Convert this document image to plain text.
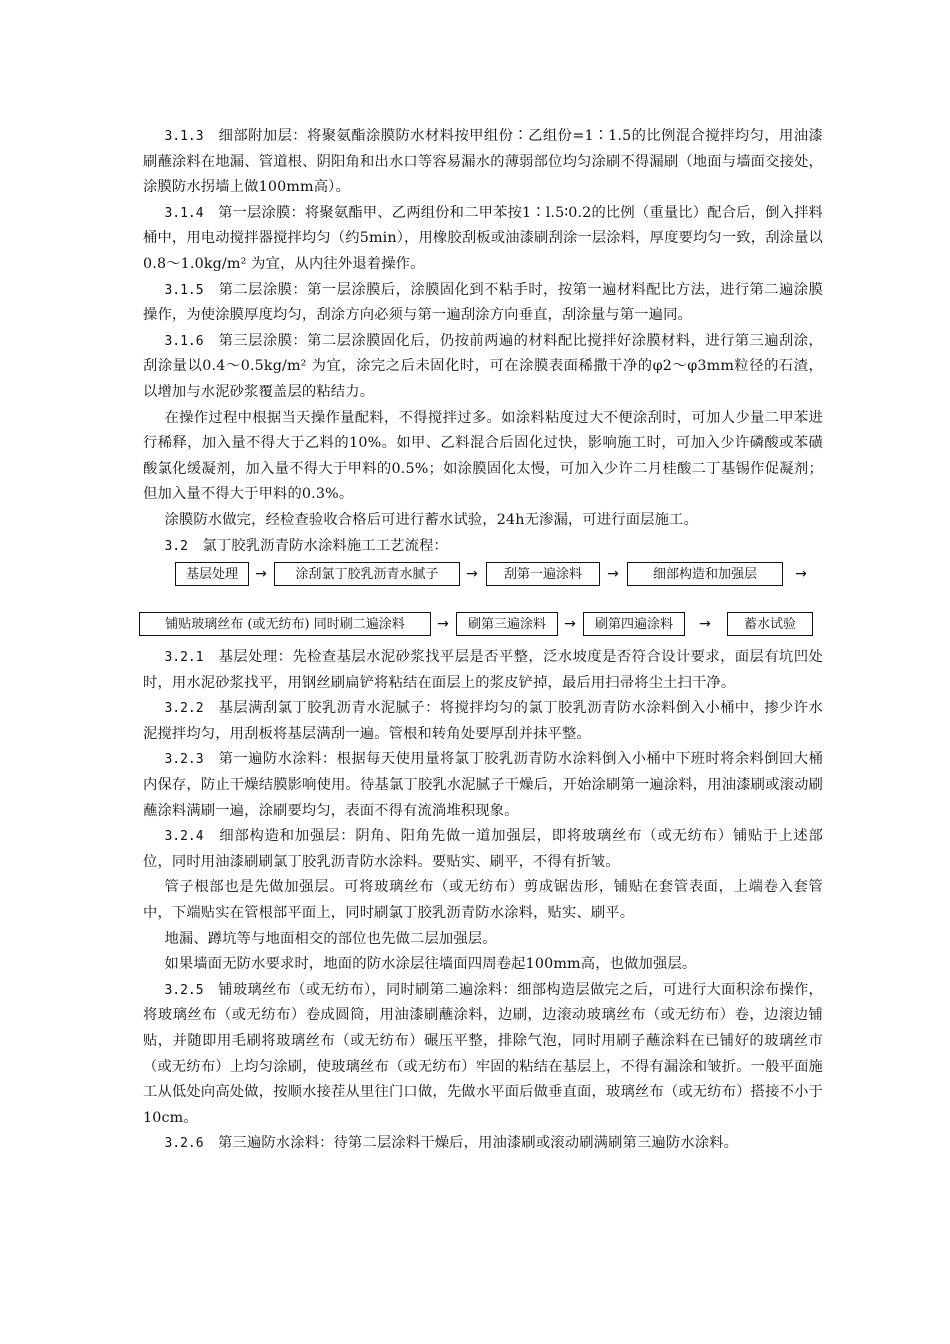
3.1.3　细部附加层：将聚氨酯涂膜防水材料按甲组份∶乙组份=1∶1.5的比例混合搅拌均匀，用油漆刷蘸涂料在地漏、管道根、阴阳角和出水口等容易漏水的薄弱部位均匀涂刷不得漏刷（地面与墙面交接处，涂膜防水拐墙上做100mm高）。

3.1.4　第一层涂膜：将聚氨酯甲、乙两组份和二甲苯按1∶l.5∶0.2的比例（重量比）配合后，倒入拌料桶中，用电动搅拌器搅拌均匀（约5min），用橡胶刮板或油漆刷刮涂一层涂料，厚度要均匀一致，刮涂量以0.8～1.0kg/m² 为宜，从内往外退着操作。

3.1.5　第二层涂膜：第一层涂膜后，涂膜固化到不粘手时，按第一遍材料配比方法，进行第二遍涂膜操作，为使涂膜厚度均匀，刮涂方向必须与第一遍刮涂方向垂直，刮涂量与第一遍同。

3.1.6　第三层涂膜：第二层涂膜固化后，仍按前两遍的材料配比搅拌好涂膜材料，进行第三遍刮涂，刮涂量以0.4～0.5kg/m² 为宜，涂完之后未固化时，可在涂膜表面稀撒干净的φ2～φ3mm粒径的石渣，以增加与水泥砂浆覆盖层的粘结力。

在操作过程中根据当天操作量配料，不得搅拌过多。如涂料粘度过大不便涂刮时，可加人少量二甲苯进行稀释，加入量不得大于乙料的10%。如甲、乙料混合后固化过快，影响施工时，可加入少许磷酸或苯磺酸氯化缓凝剂，加入量不得大于甲料的0.5%；如涂膜固化太慢，可加入少许二月桂酸二丁基锡作促凝剂；但加入量不得大于甲料的0.3%。

涂膜防水做完，经检查验收合格后可进行蓄水试验，24h无渗漏，可进行面层施工。

3.2　氯丁胶乳沥青防水涂料施工工艺流程：

基层处理	→	涂刮氯丁胶乳沥青水腻子	→	刮第一遍涂料	→	细部构造和加强层	→
铺贴玻璃丝布 (或无纺布) 同时刷二遍涂料	→	刷第三遍涂料	→	刷第四遍涂料	→	蓄水试验

3.2.1　基层处理：先检查基层水泥砂浆找平层是否平整，泛水坡度是否符合设计要求，面层有坑凹处时，用水泥砂浆找平，用钢丝刷扁铲将粘结在面层上的浆皮铲掉，最后用扫帚将尘土扫干净。

3.2.2　基层满刮氯丁胶乳沥青水泥腻子：将搅拌均匀的氯丁胶乳沥青防水涂料倒入小桶中，掺少许水泥搅拌均匀，用刮板将基层满刮一遍。管根和转角处要厚刮并抹平整。

3.2.3　第一遍防水涂料：根据每天使用量将氯丁胶乳沥青防水涂料倒入小桶中下班时将余料倒回大桶内保存，防止干燥结膜影响使用。待基氯丁胶乳水泥腻子干燥后，开始涂刷第一遍涂料，用油漆刷或滚动刷蘸涂料满刷一遍，涂刷要均匀，表面不得有流淌堆积现象。

3.2.4　细部构造和加强层：阴角、阳角先做一道加强层，即将玻璃丝布（或无纺布）铺贴于上述部位，同时用油漆刷刷氯丁胶乳沥青防水涂料。要贴实、刷平，不得有折皱。

管子根部也是先做加强层。可将玻璃丝布（或无纺布）剪成锯齿形，铺贴在套管表面，上端卷入套管中，下端贴实在管根部平面上，同时刷氯丁胶乳沥青防水涂料，贴实、刷平。

地漏、蹲坑等与地面相交的部位也先做二层加强层。

如果墙面无防水要求时，地面的防水涂层往墙面四周卷起100mm高，也做加强层。

3.2.5　铺玻璃丝布（或无纺布），同时刷第二遍涂料：细部构造层做完之后，可进行大面积涂布操作，将玻璃丝布（或无纺布）卷成圆筒，用油漆刷蘸涂料，边刷，边滚动玻璃丝布（或无纺布）卷，边滚边铺贴，并随即用毛刷将玻璃丝布（或无纺布）碾压平整，排除气泡，同时用刷子蘸涂料在已铺好的玻璃丝市（或无纺布）上均匀涂刷，使玻璃丝布（或无纺布）牢固的粘结在基层上，不得有漏涂和皱折。一般平面施工从低处向高处做，按顺水接茬从里往门口做，先做水平面后做垂直面，玻璃丝布（或无纺布）搭接不小于10cm。

3.2.6　第三遍防水涂料：待第二层涂料干燥后，用油漆刷或滚动刷满刷第三遍防水涂料。
